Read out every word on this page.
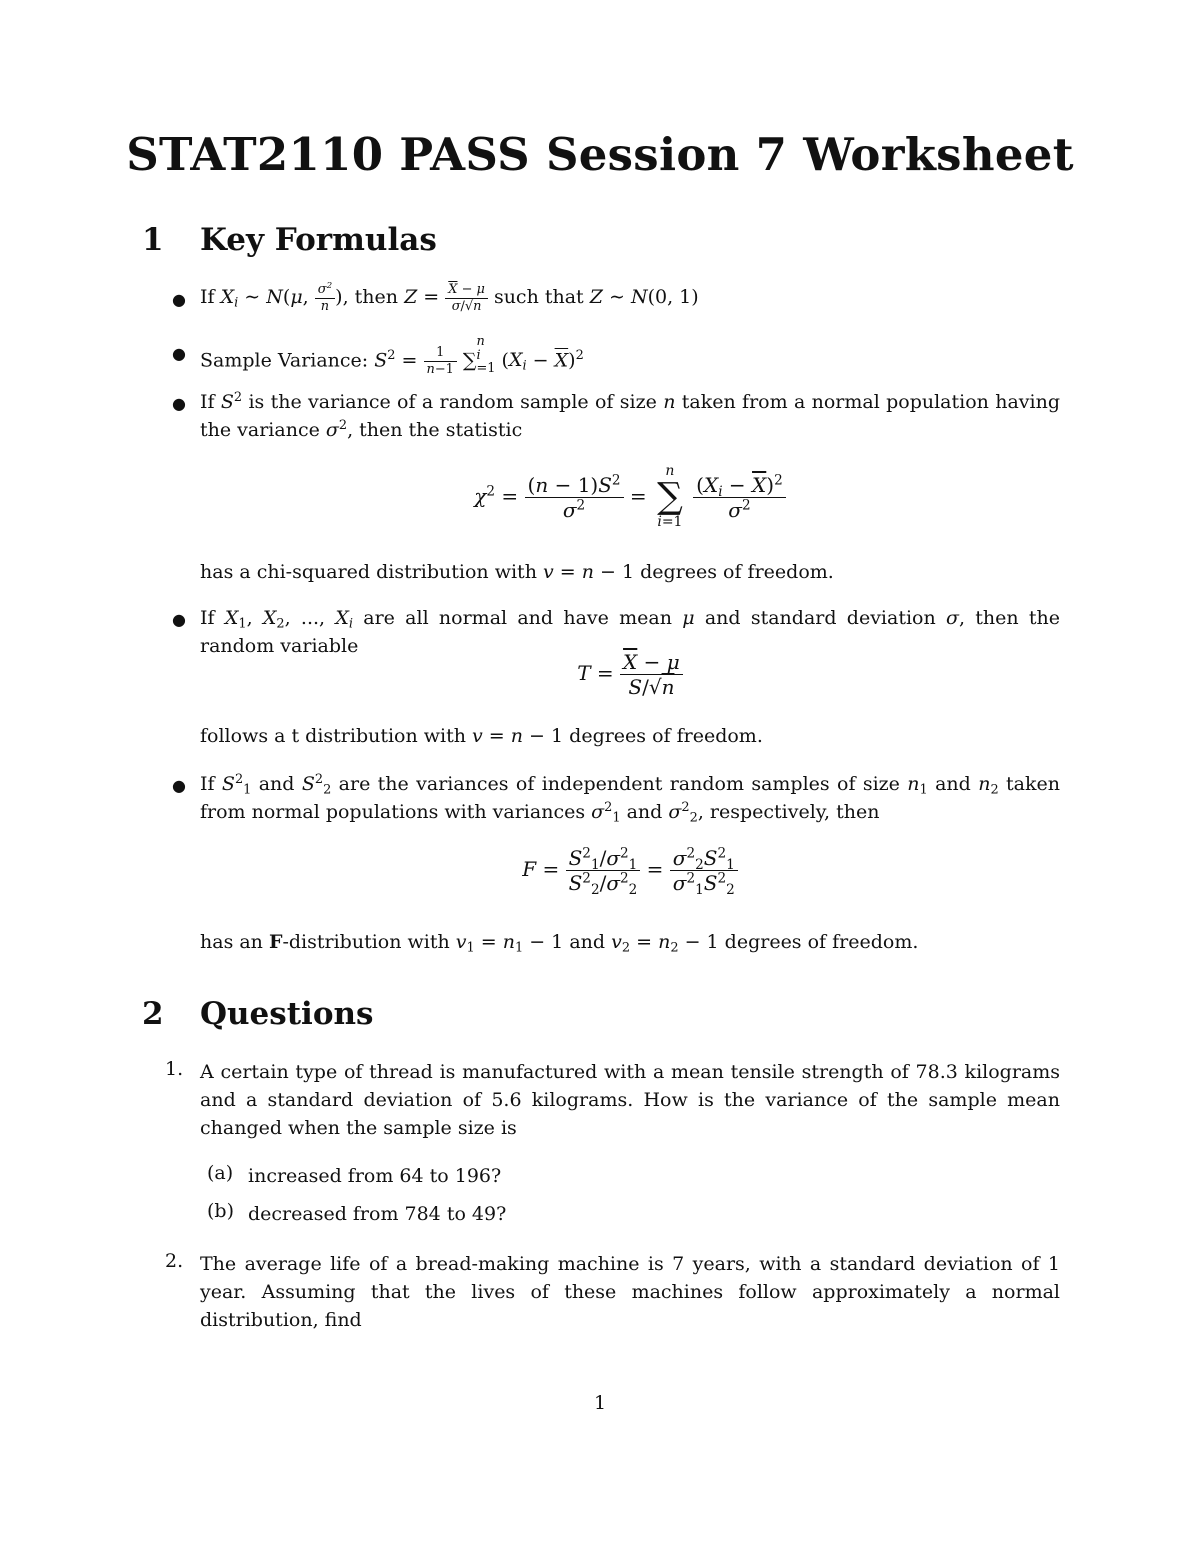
STAT2110 PASS Session 7 Worksheet
1 Key Formulas
● If $X_i$ ∼ N(μ, $\frac{\sigma^2}{n}$ ), then $Z = \frac{\overline{X} - \mu}{\sigma/√n}$ such that Z ∼ N(0, 1)
● Sample Variance: $S^2 = \frac{1}{n-1}$ ∑
n
i
=1 $(X_i - \overline{X})^2$
● If $S^2$ is the variance of a random sample of size n taken from a normal population having the variance $\sigma^2$, then the statistic
$\chi^2 = \frac{(n - 1)S^2}{\sigma^2}$ =
n
∑
i=1

$\frac{(X_i - \overline{X})^2}{\sigma^2}$
has a chi-squared distribution with v = n − 1 degrees of freedom.
● If $X_1$, $X_2$, ..., $X_i$ are all normal and have mean μ and standard deviation σ, then the random variable
$T = \frac{\overline{X} - \mu}{S/√n}$
follows a t distribution with v = n − 1 degrees of freedom.
● If $S^2_1$ and $S^2_2$ are the variances of independent random samples of size $n_1$ and $n_2$ taken from normal populations with variances $\sigma^2_1$ and $\sigma^2_2$, respectively, then
$F = \frac{S^2_1/\sigma^2_1}{S^2_2/\sigma^2_2} = \frac{\sigma^2_2S^2_1}{\sigma^2_1S^2_2}$
has an F-distribution with $v_1 = n_1 - 1$ and $v_2 = n_2 - 1$ degrees of freedom.
2 Questions
1. A certain type of thread is manufactured with a mean tensile strength of 78.3 kilograms and a standard deviation of 5.6 kilograms. How is the variance of the sample mean changed when the sample size is
(a) increased from 64 to 196?
(b) decreased from 784 to 49?
2. The average life of a bread-making machine is 7 years, with a standard deviation of 1 year. Assuming that the lives of these machines follow approximately a normal distribution, find
1
